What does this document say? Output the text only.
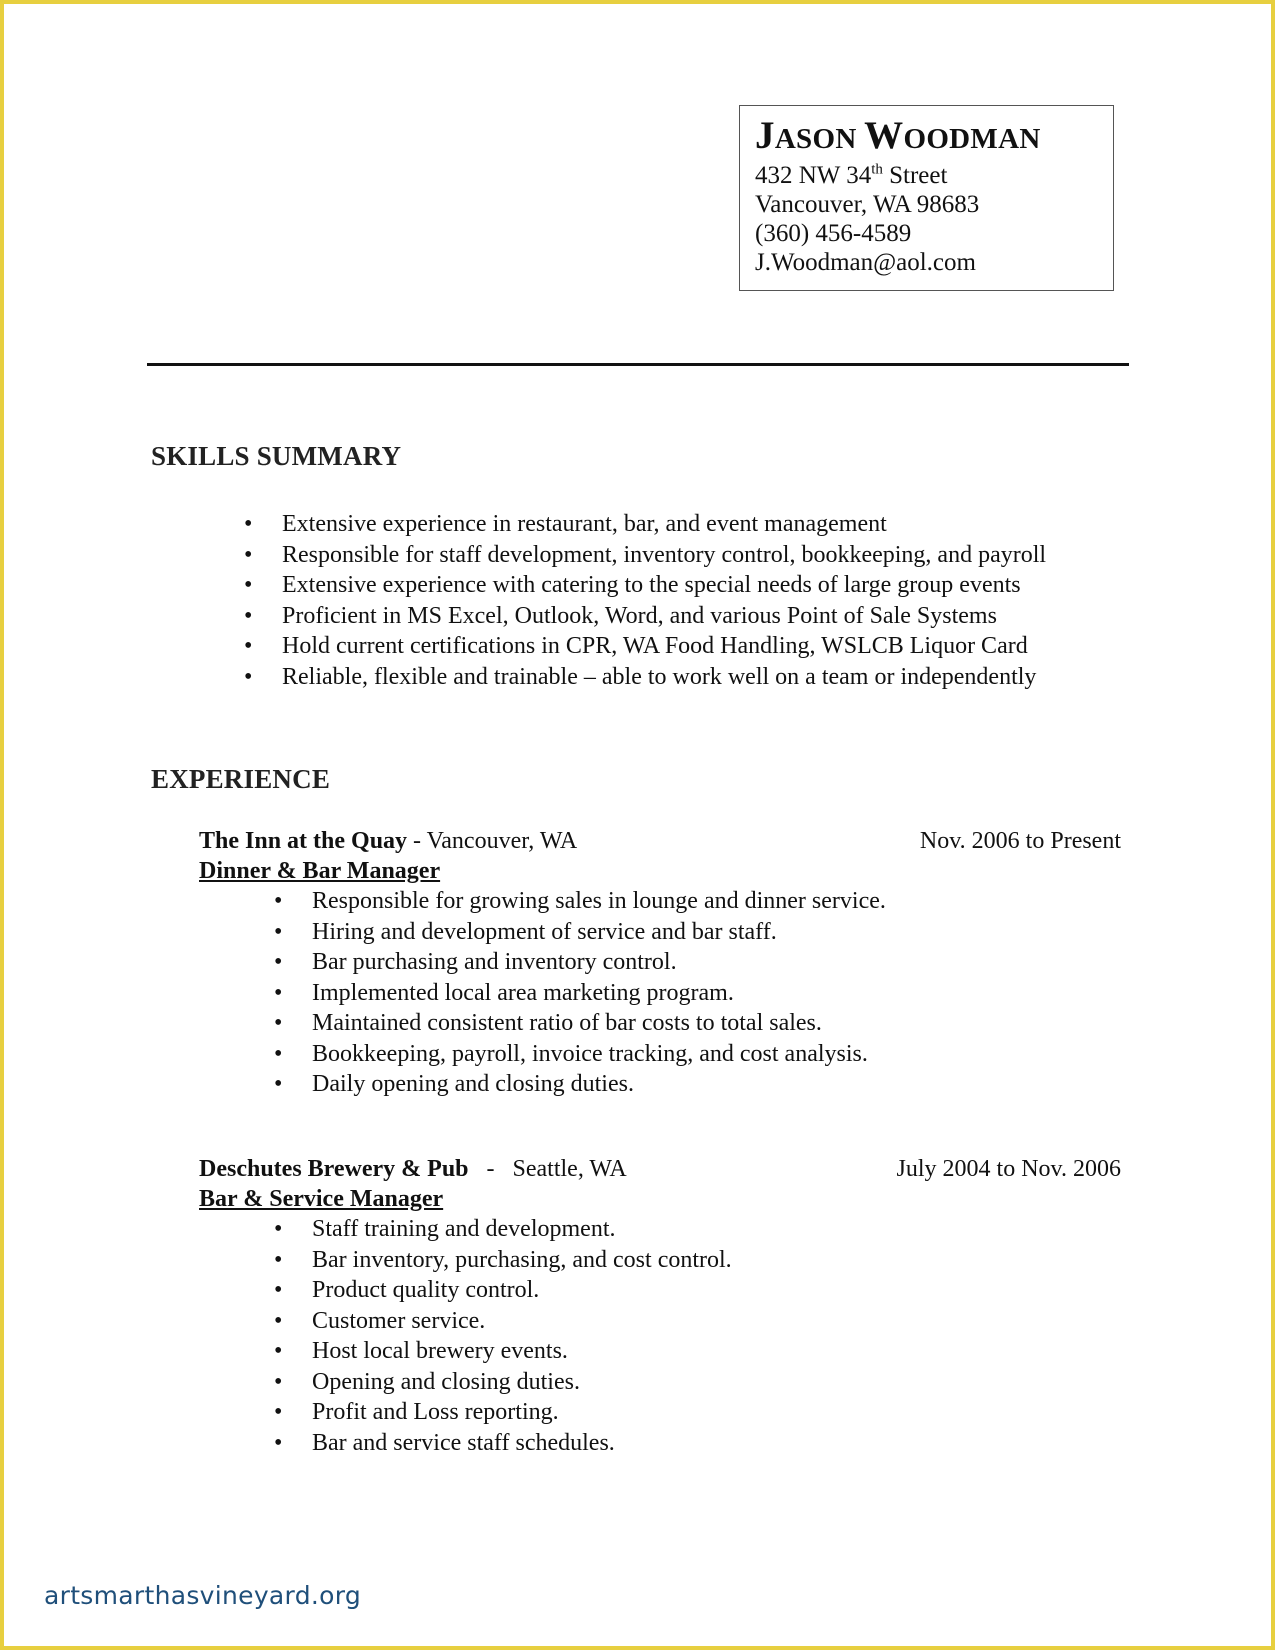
JASON WOODMAN
432 NW 34th Street
Vancouver, WA 98683
(360) 456-4589
J.Woodman@aol.com
SKILLS SUMMARY
• Extensive experience in restaurant, bar, and event management
• Responsible for staff development, inventory control, bookkeeping, and payroll
• Extensive experience with catering to the special needs of large group events
• Proficient in MS Excel, Outlook, Word, and various Point of Sale Systems
• Hold current certifications in CPR, WA Food Handling, WSLCB Liquor Card
• Reliable, flexible and trainable – able to work well on a team or independently
EXPERIENCE
The Inn at the Quay - Vancouver, WA	Nov. 2006 to Present
Dinner & Bar Manager
• Responsible for growing sales in lounge and dinner service.
• Hiring and development of service and bar staff.
• Bar purchasing and inventory control.
• Implemented local area marketing program.
• Maintained consistent ratio of bar costs to total sales.
• Bookkeeping, payroll, invoice tracking, and cost analysis.
• Daily opening and closing duties.
Deschutes Brewery & Pub   -   Seattle, WA	July 2004 to Nov. 2006
Bar & Service Manager
• Staff training and development.
• Bar inventory, purchasing, and cost control.
• Product quality control.
• Customer service.
• Host local brewery events.
• Opening and closing duties.
• Profit and Loss reporting.
• Bar and service staff schedules.
artsmarthasvineyard.org
